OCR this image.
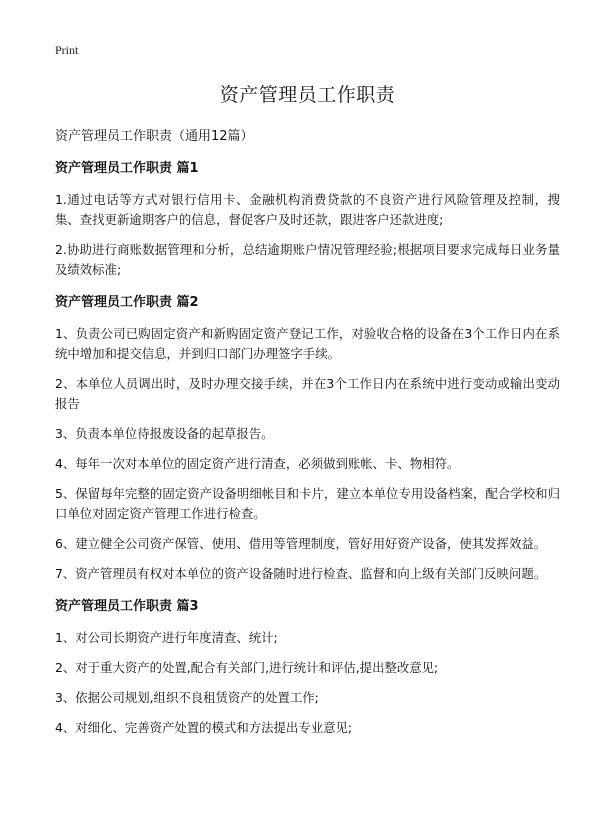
Print

资产管理员工作职责

资产管理员工作职责（通用12篇）

资产管理员工作职责 篇1

1.通过电话等方式对银行信用卡、金融机构消费贷款的不良资产进行风险管理及控制，搜集、查找更新逾期客户的信息，督促客户及时还款，跟进客户还款进度;

2.协助进行商账数据管理和分析，总结逾期账户情况管理经验;根据项目要求完成每日业务量及绩效标准;

资产管理员工作职责 篇2

1、负责公司已购固定资产和新购固定资产登记工作，对验收合格的设备在3个工作日内在系统中增加和提交信息，并到归口部门办理签字手续。

2、本单位人员调出时，及时办理交接手续，并在3个工作日内在系统中进行变动或输出变动报告

3、负责本单位待报废设备的起草报告。

4、每年一次对本单位的固定资产进行清查，必须做到账帐、卡、物相符。

5、保留每年完整的固定资产设备明细帐目和卡片，建立本单位专用设备档案，配合学校和归口单位对固定资产管理工作进行检查。

6、建立健全公司资产保管、使用、借用等管理制度，管好用好资产设备，使其发挥效益。

7、资产管理员有权对本单位的资产设备随时进行检查、监督和向上级有关部门反映问题。

资产管理员工作职责 篇3

1、对公司长期资产进行年度清查、统计;

2、对于重大资产的处置,配合有关部门,进行统计和评估,提出整改意见;

3、依据公司规划,组织不良租赁资产的处置工作;

4、对细化、完善资产处置的模式和方法提出专业意见;
